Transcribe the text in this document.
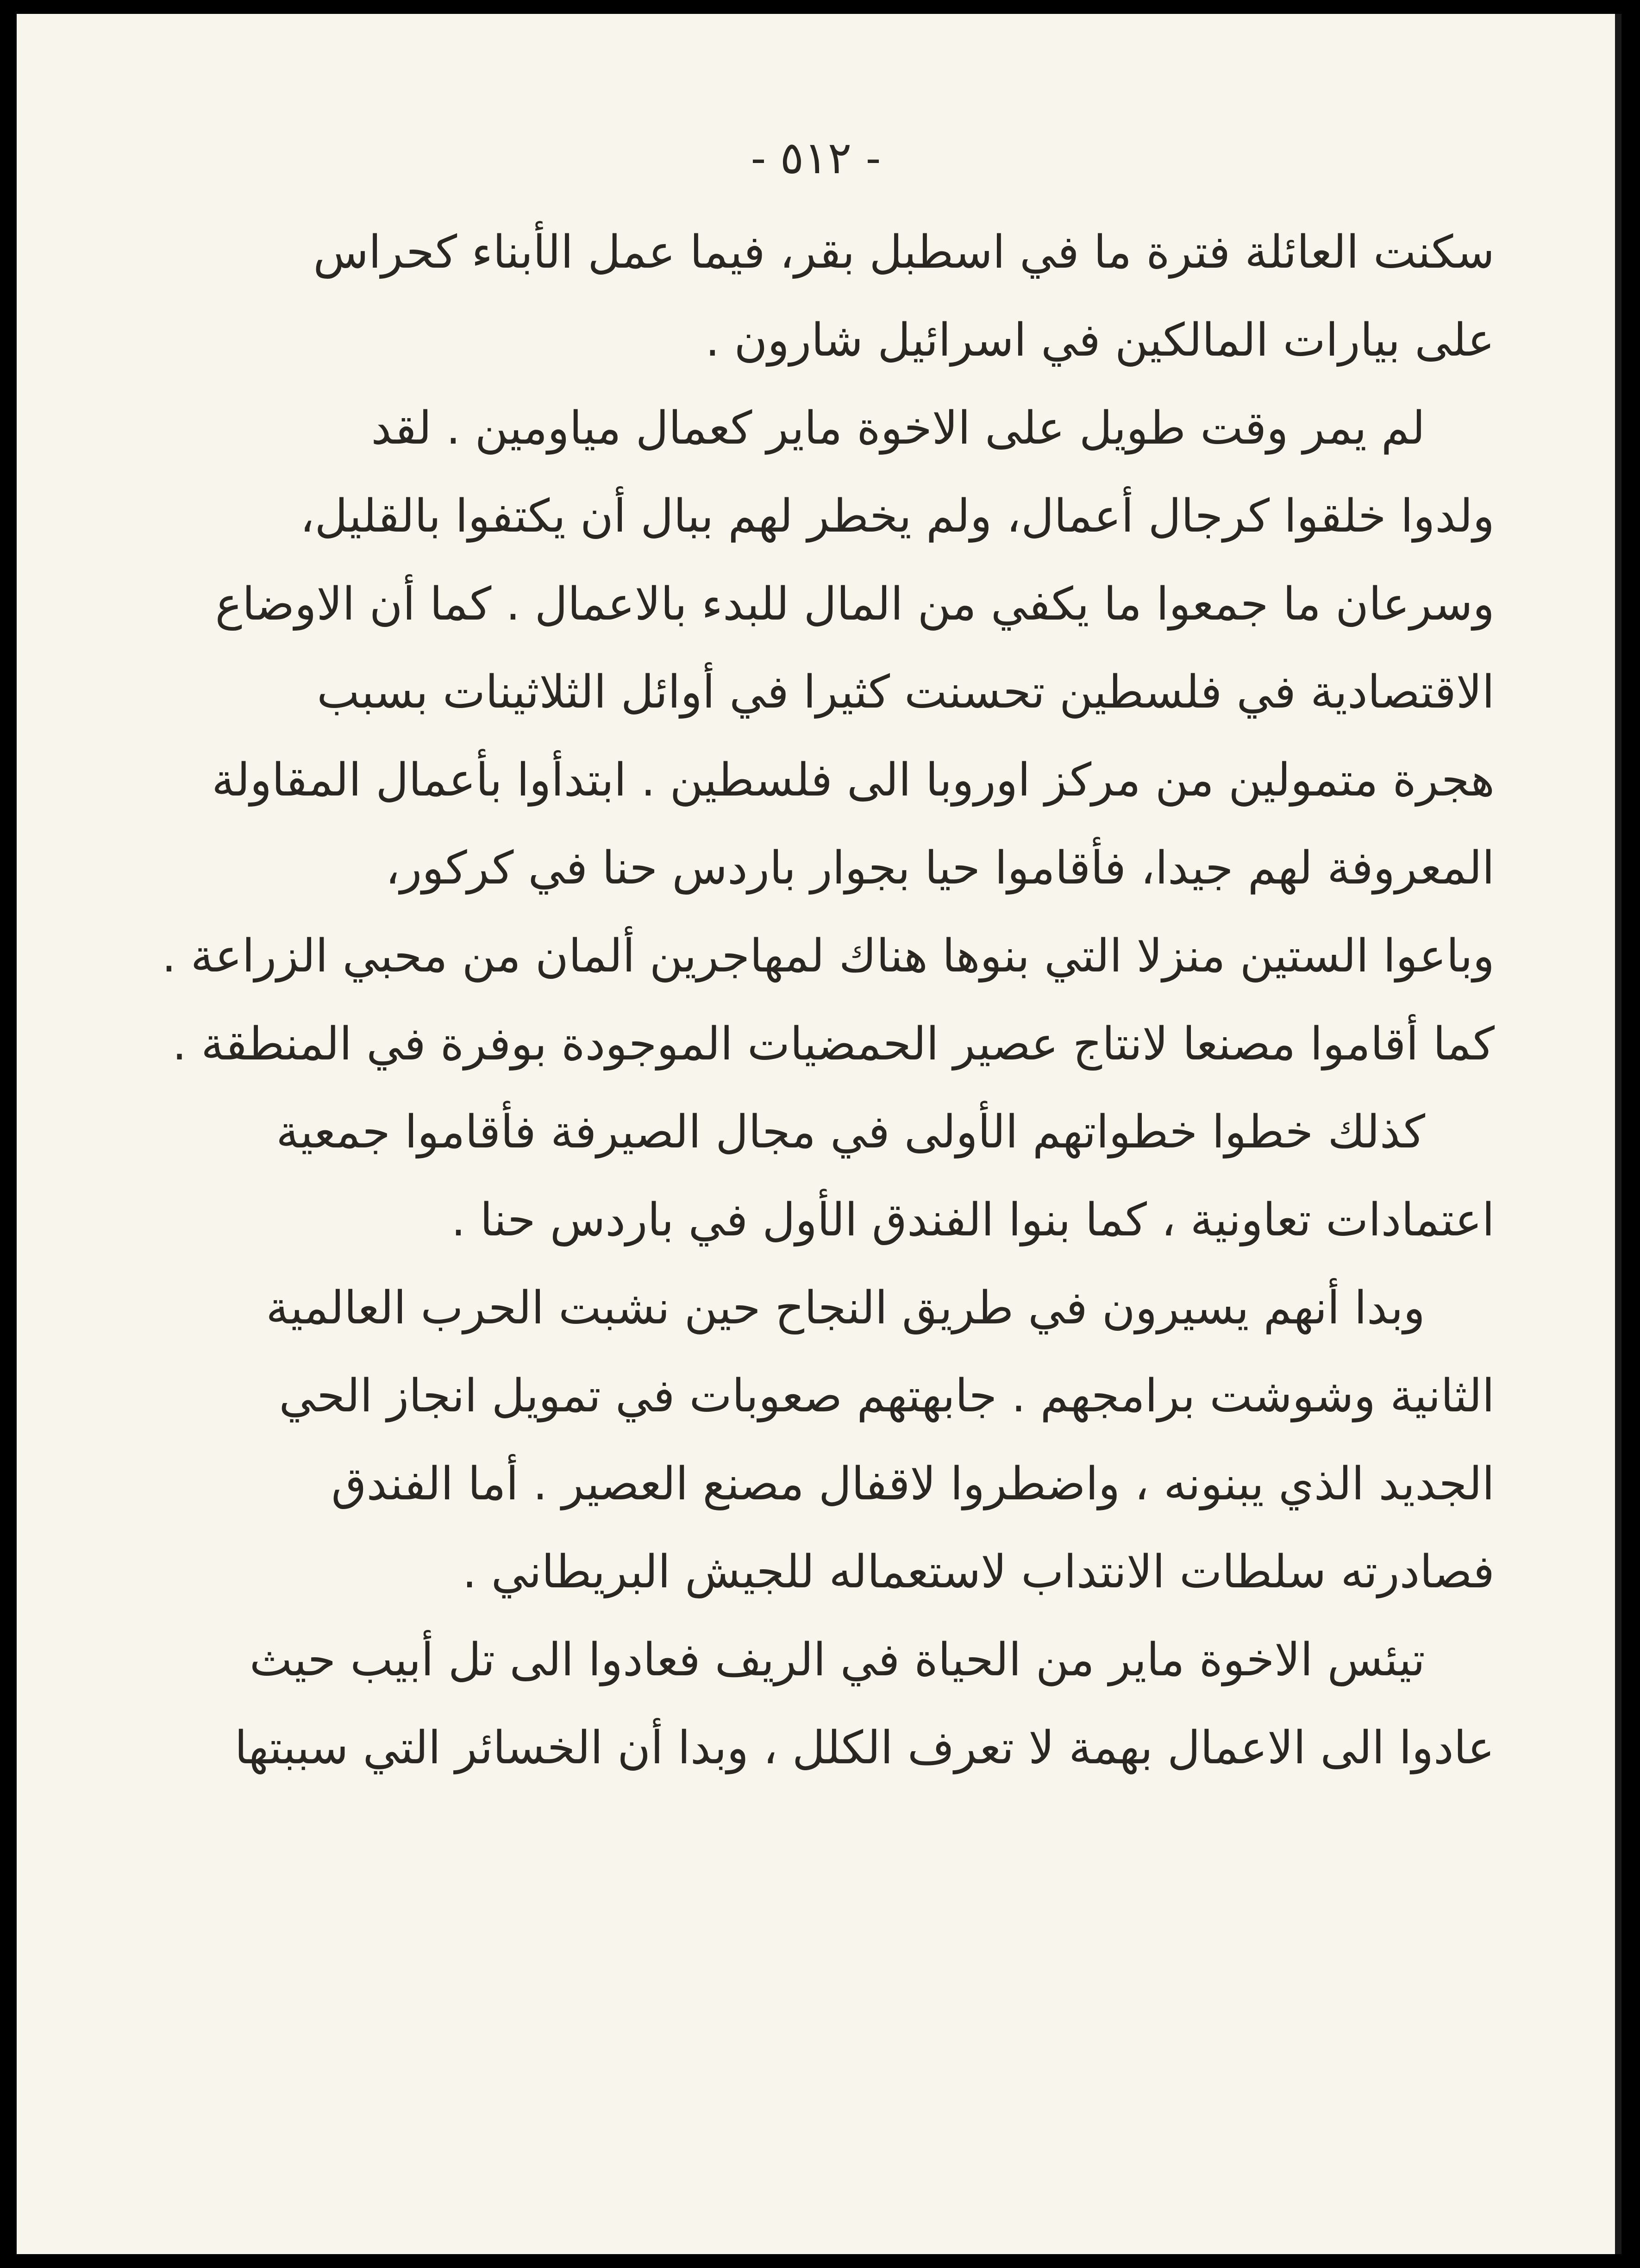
- ٥١٢ -
سكنت العائلة فترة ما في اسطبل بقر، فيما عمل الأبناء كحراس
على بيارات المالكين في اسرائيل شارون .
لم يمر وقت طويل على الاخوة ماير كعمال مياومين . لقد
ولدوا خلقوا كرجال أعمال، ولم يخطر لهم ببال أن يكتفوا بالقليل،
وسرعان ما جمعوا ما يكفي من المال للبدء بالاعمال . كما أن الاوضاع
الاقتصادية في فلسطين تحسنت كثيرا في أوائل الثلاثينات بسبب
هجرة متمولين من مركز اوروبا الى فلسطين . ابتدأوا بأعمال المقاولة
المعروفة لهم جيدا، فأقاموا حيا بجوار باردس حنا في كركور،
وباعوا الستين منزلا التي بنوها هناك لمهاجرين ألمان من محبي الزراعة .
كما أقاموا مصنعا لانتاج عصير الحمضيات الموجودة بوفرة في المنطقة .
كذلك خطوا خطواتهم الأولى في مجال الصيرفة فأقاموا جمعية
اعتمادات تعاونية ، كما بنوا الفندق الأول في باردس حنا .
وبدا أنهم يسيرون في طريق النجاح حين نشبت الحرب العالمية
الثانية وشوشت برامجهم . جابهتهم صعوبات في تمويل انجاز الحي
الجديد الذي يبنونه ، واضطروا لاقفال مصنع العصير . أما الفندق
فصادرته سلطات الانتداب لاستعماله للجيش البريطاني .
تيئس الاخوة ماير من الحياة في الريف فعادوا الى تل أبيب حيث
عادوا الى الاعمال بهمة لا تعرف الكلل ، وبدا أن الخسائر التي سببتها
